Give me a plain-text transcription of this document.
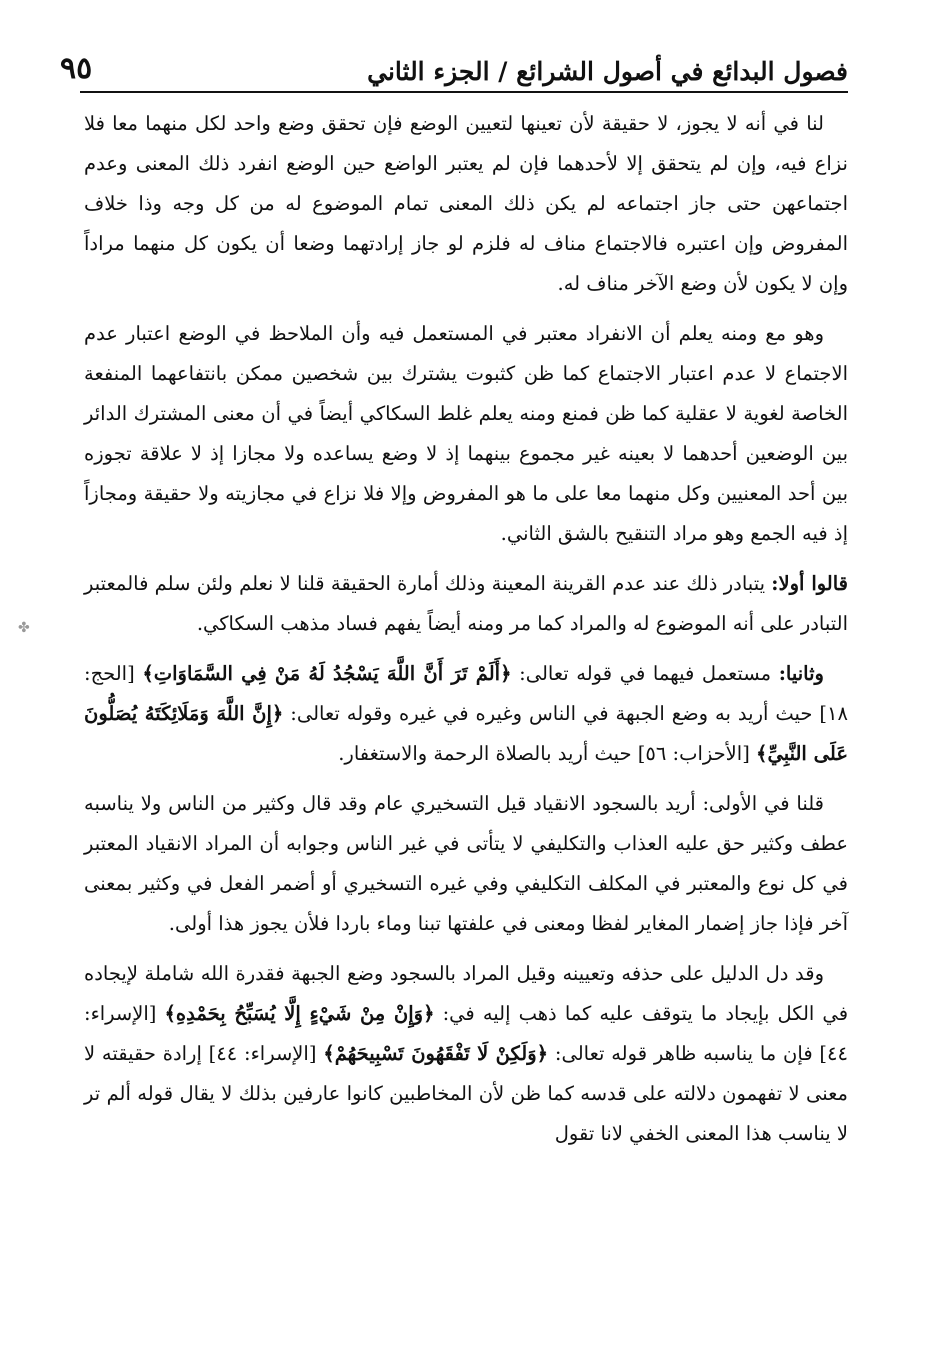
فصول البدائع في أصول الشرائع / الجزء الثاني
٩٥
✤

لنا في أنه لا يجوز، لا حقيقة لأن تعينها لتعيين الوضع فإن تحقق وضع واحد لكل منهما معا فلا نزاع فيه، وإن لم يتحقق إلا لأحدهما فإن لم يعتبر الواضع حين الوضع انفرد ذلك المعنى وعدم اجتماعهن حتى جاز اجتماعه لم يكن ذلك المعنى تمام الموضوع له من كل وجه وذا خلاف المفروض وإن اعتبره فالاجتماع مناف له فلزم لو جاز إرادتهما وضعا أن يكون كل منهما مراداً وإن لا يكون لأن وضع الآخر مناف له.

وهو مع ومنه يعلم أن الانفراد معتبر في المستعمل فيه وأن الملاحظ في الوضع اعتبار عدم الاجتماع لا عدم اعتبار الاجتماع كما ظن كثبوت يشترك بين شخصين ممكن بانتفاعهما المنفعة الخاصة لغوية لا عقلية كما ظن فمنع ومنه يعلم غلط السكاكي أيضاً في أن معنى المشترك الدائر بين الوضعين أحدهما لا بعينه غير مجموع بينهما إذ لا وضع يساعده ولا مجازا إذ لا علاقة تجوزه بين أحد المعنيين وكل منهما معا على ما هو المفروض وإلا فلا نزاع في مجازيته ولا حقيقة ومجازاً إذ فيه الجمع وهو مراد التنقيح بالشق الثاني.

قالوا أولا: يتبادر ذلك عند عدم القرينة المعينة وذلك أمارة الحقيقة قلنا لا نعلم ولئن سلم فالمعتبر التبادر على أنه الموضوع له والمراد كما مر ومنه أيضاً يفهم فساد مذهب السكاكي.

وثانيا: مستعمل فيهما في قوله تعالى: ﴿أَلَمْ تَرَ أَنَّ اللَّهَ يَسْجُدُ لَهُ مَنْ فِي السَّمَاوَاتِ﴾ [الحج: ١٨] حيث أريد به وضع الجبهة في الناس وغيره في غيره وقوله تعالى: ﴿إِنَّ اللَّهَ وَمَلَائِكَتَهُ يُصَلُّونَ عَلَى النَّبِيِّ﴾ [الأحزاب: ٥٦] حيث أريد بالصلاة الرحمة والاستغفار.

قلنا في الأولى: أريد بالسجود الانقياد قيل التسخيري عام وقد قال وكثير من الناس ولا يناسبه عطف وكثير حق عليه العذاب والتكليفي لا يتأتى في غير الناس وجوابه أن المراد الانقياد المعتبر في كل نوع والمعتبر في المكلف التكليفي وفي غيره التسخيري أو أضمر الفعل في وكثير بمعنى آخر فإذا جاز إضمار المغاير لفظا ومعنى في علفتها تبنا وماء باردا فلأن يجوز هذا أولى.

وقد دل الدليل على حذفه وتعيينه وقيل المراد بالسجود وضع الجبهة فقدرة الله شاملة لإيجاده في الكل بإيجاد ما يتوقف عليه كما ذهب إليه في: ﴿وَإِنْ مِنْ شَيْءٍ إِلَّا يُسَبِّحُ بِحَمْدِهِ﴾ [الإسراء: ٤٤] فإن ما يناسبه ظاهر قوله تعالى: ﴿وَلَكِنْ لَا تَفْقَهُونَ تَسْبِيحَهُمْ﴾ [الإسراء: ٤٤] إرادة حقيقته لا معنى لا تفهمون دلالته على قدسه كما ظن لأن المخاطبين كانوا عارفين بذلك لا يقال قوله ألم تر لا يناسب هذا المعنى الخفي لانا تقول
